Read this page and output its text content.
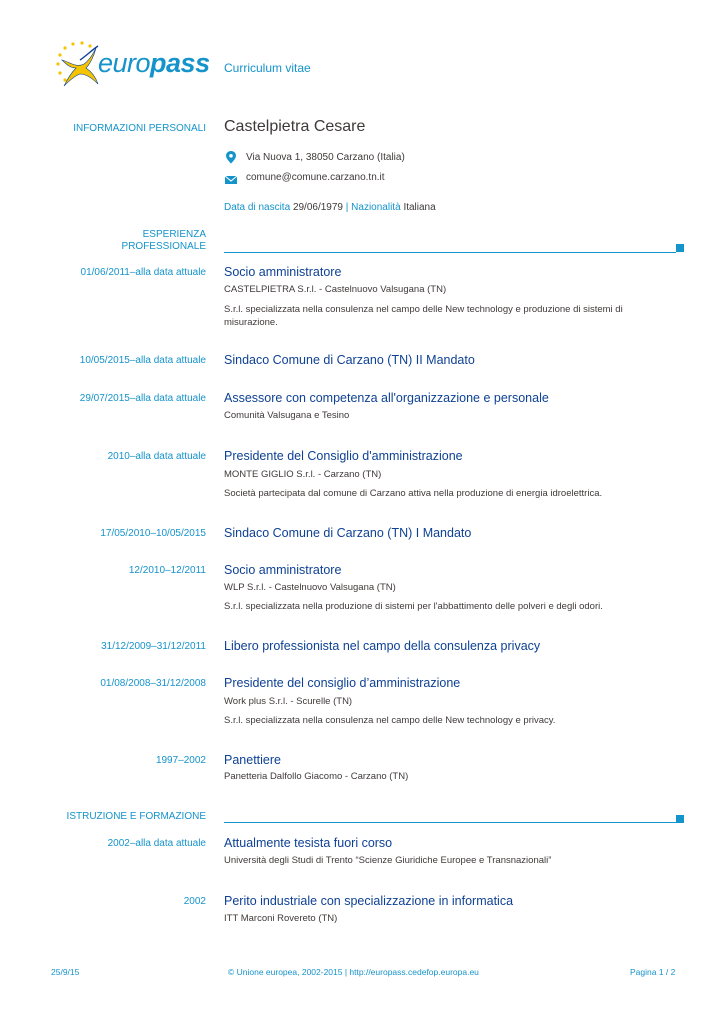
europass Curriculum vitae
INFORMAZIONI PERSONALI Castelpietra Cesare
Via Nuova 1, 38050 Carzano (Italia)
comune@comune.carzano.tn.it
Data di nascita 29/06/1979 | Nazionalità Italiana
ESPERIENZA
PROFESSIONALE
01/06/2011–alla data attuale Socio amministratore
CASTELPIETRA S.r.l. - Castelnuovo Valsugana (TN)
S.r.l. specializzata nella consulenza nel campo delle New technology e produzione di sistemi di
misurazione.
10/05/2015–alla data attuale Sindaco Comune di Carzano (TN) II Mandato
29/07/2015–alla data attuale Assessore con competenza all'organizzazione e personale
Comunità Valsugana e Tesino
2010–alla data attuale Presidente del Consiglio d'amministrazione
MONTE GIGLIO S.r.l. - Carzano (TN)
Società partecipata dal comune di Carzano attiva nella produzione di energia idroelettrica.
17/05/2010–10/05/2015 Sindaco Comune di Carzano (TN) I Mandato
12/2010–12/2011 Socio amministratore
WLP S.r.l. - Castelnuovo Valsugana (TN)
S.r.l. specializzata nella produzione di sistemi per l'abbattimento delle polveri e degli odori.
31/12/2009–31/12/2011 Libero professionista nel campo della consulenza privacy
01/08/2008–31/12/2008 Presidente del consiglio d’amministrazione
Work plus S.r.l. - Scurelle (TN)
S.r.l. specializzata nella consulenza nel campo delle New technology e privacy.
1997–2002 Panettiere
Panetteria Dalfollo Giacomo - Carzano (TN)
ISTRUZIONE E FORMAZIONE
2002–alla data attuale Attualmente tesista fuori corso
Università degli Studi di Trento “Scienze Giuridiche Europee e Transnazionali”
2002 Perito industriale con specializzazione in informatica
ITT Marconi Rovereto (TN)
25/9/15	© Unione europea, 2002-2015 | http://europass.cedefop.europa.eu	Pagina 1 / 2
